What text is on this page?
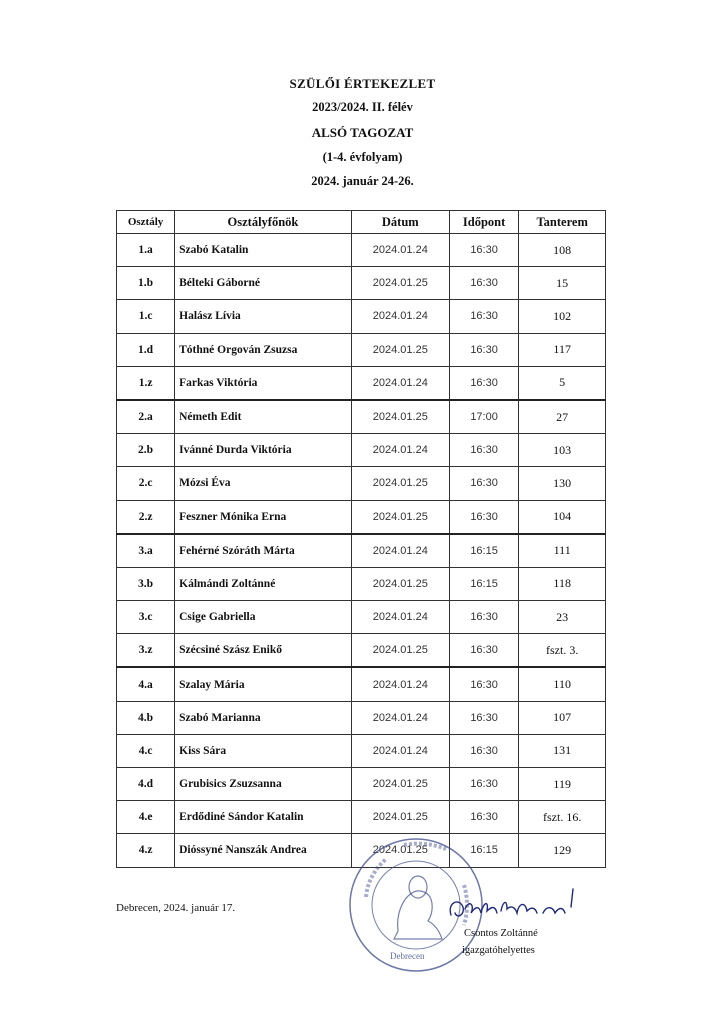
SZÜLŐI ÉRTEKEZLET
2023/2024. II. félév
ALSÓ TAGOZAT
(1-4. évfolyam)
2024. január 24-26.
Osztály	Osztályfőnök	Dátum	Időpont	Tanterem
1.a	Szabó Katalin	2024.01.24	16:30	108
1.b	Bélteki Gáborné	2024.01.25	16:30	15
1.c	Halász Lívia	2024.01.24	16:30	102
1.d	Tóthné Orgován Zsuzsa	2024.01.25	16:30	117
1.z	Farkas Viktória	2024.01.24	16:30	5
2.a	Németh Edit	2024.01.25	17:00	27
2.b	Ivánné Durda Viktória	2024.01.24	16:30	103
2.c	Mózsi Éva	2024.01.25	16:30	130
2.z	Feszner Mónika Erna	2024.01.25	16:30	104
3.a	Fehérné Szóráth Márta	2024.01.24	16:15	111
3.b	Kálmándi Zoltánné	2024.01.25	16:15	118
3.c	Csige Gabriella	2024.01.24	16:30	23
3.z	Szécsiné Szász Enikő	2024.01.25	16:30	fszt. 3.
4.a	Szalay Mária	2024.01.24	16:30	110
4.b	Szabó Marianna	2024.01.24	16:30	107
4.c	Kiss Sára	2024.01.24	16:30	131
4.d	Grubisics Zsuzsanna	2024.01.25	16:30	119
4.e	Erdődiné Sándor Katalin	2024.01.25	16:30	fszt. 16.
4.z	Dióssyné Nanszák Andrea	2024.01.25	16:15	129
Debrecen, 2024. január 17.
Debrecen
Csontos Zoltánné
igazgatóhelyettes
